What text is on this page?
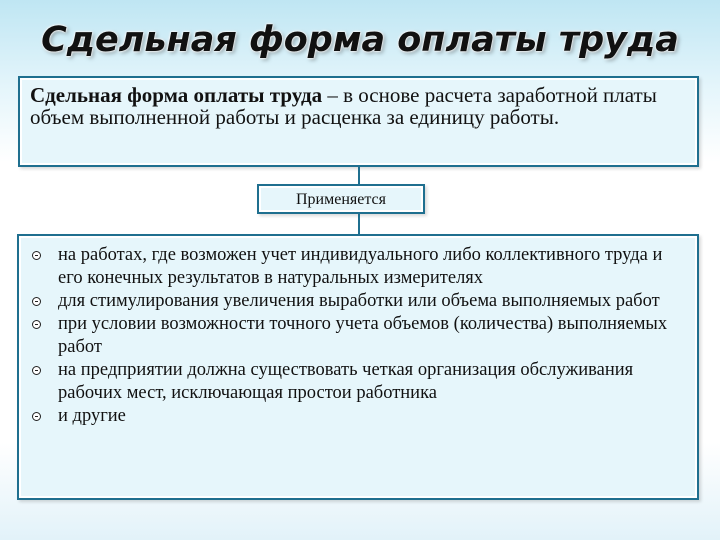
Сдельная форма оплаты труда
Сдельная форма оплаты труда – в основе расчета заработной платы объем выполненной работы и расценка за единицу работы.
Применяется
на работах, где возможен учет индивидуального либо коллективного труда и его конечных результатов в натуральных измерителях
для стимулирования увеличения выработки или объема выполняемых работ
при условии возможности точного учета объемов (количества) выполняемых работ
на предприятии должна существовать четкая организация обслуживания рабочих мест, исключающая простои работника
и другие
